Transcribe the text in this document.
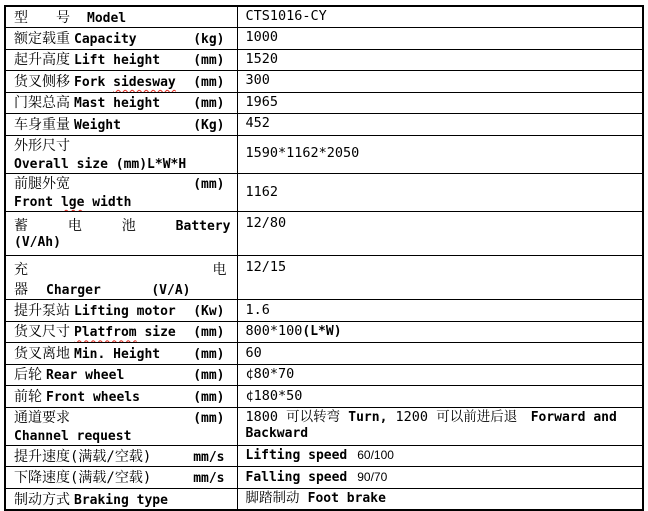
型　　号　Model	CTS1016-CY

额定载重 Capacity (kg)	1000

起升高度 Lift height (mm)	1520

货叉侧移 Fork sidesway (mm)	300

门架总高 Mast height (mm)	1965

车身重量 Weight (Kg)	452

外形尺寸Overall size (mm)L*W*H	1590*1162*2050

前腿外宽Front lge width
(mm)	1162

蓄 电 池 Battery
(V/Ah)	12/80

充 电
器 Charger (V/A)	12/15

提升泵站 Lifting motor (Kw)	1.6

货叉尺寸 Platfrom size (mm)	800*100(L*W)

货叉离地 Min. Height (mm)	60

后轮 Rear wheel (mm)	¢80*70

前轮 Front wheels (mm)	¢180*50

通道要求Channel request
(mm)	1800 可以转弯 Turn, 1200 可以前进后退　Forward and Backward

提升速度(满载/空载) mm/s	Lifting speed 60/100

下降速度(满载/空载) mm/s	Falling speed 90/70

制动方式 Braking type	脚踏制动 Foot brake
